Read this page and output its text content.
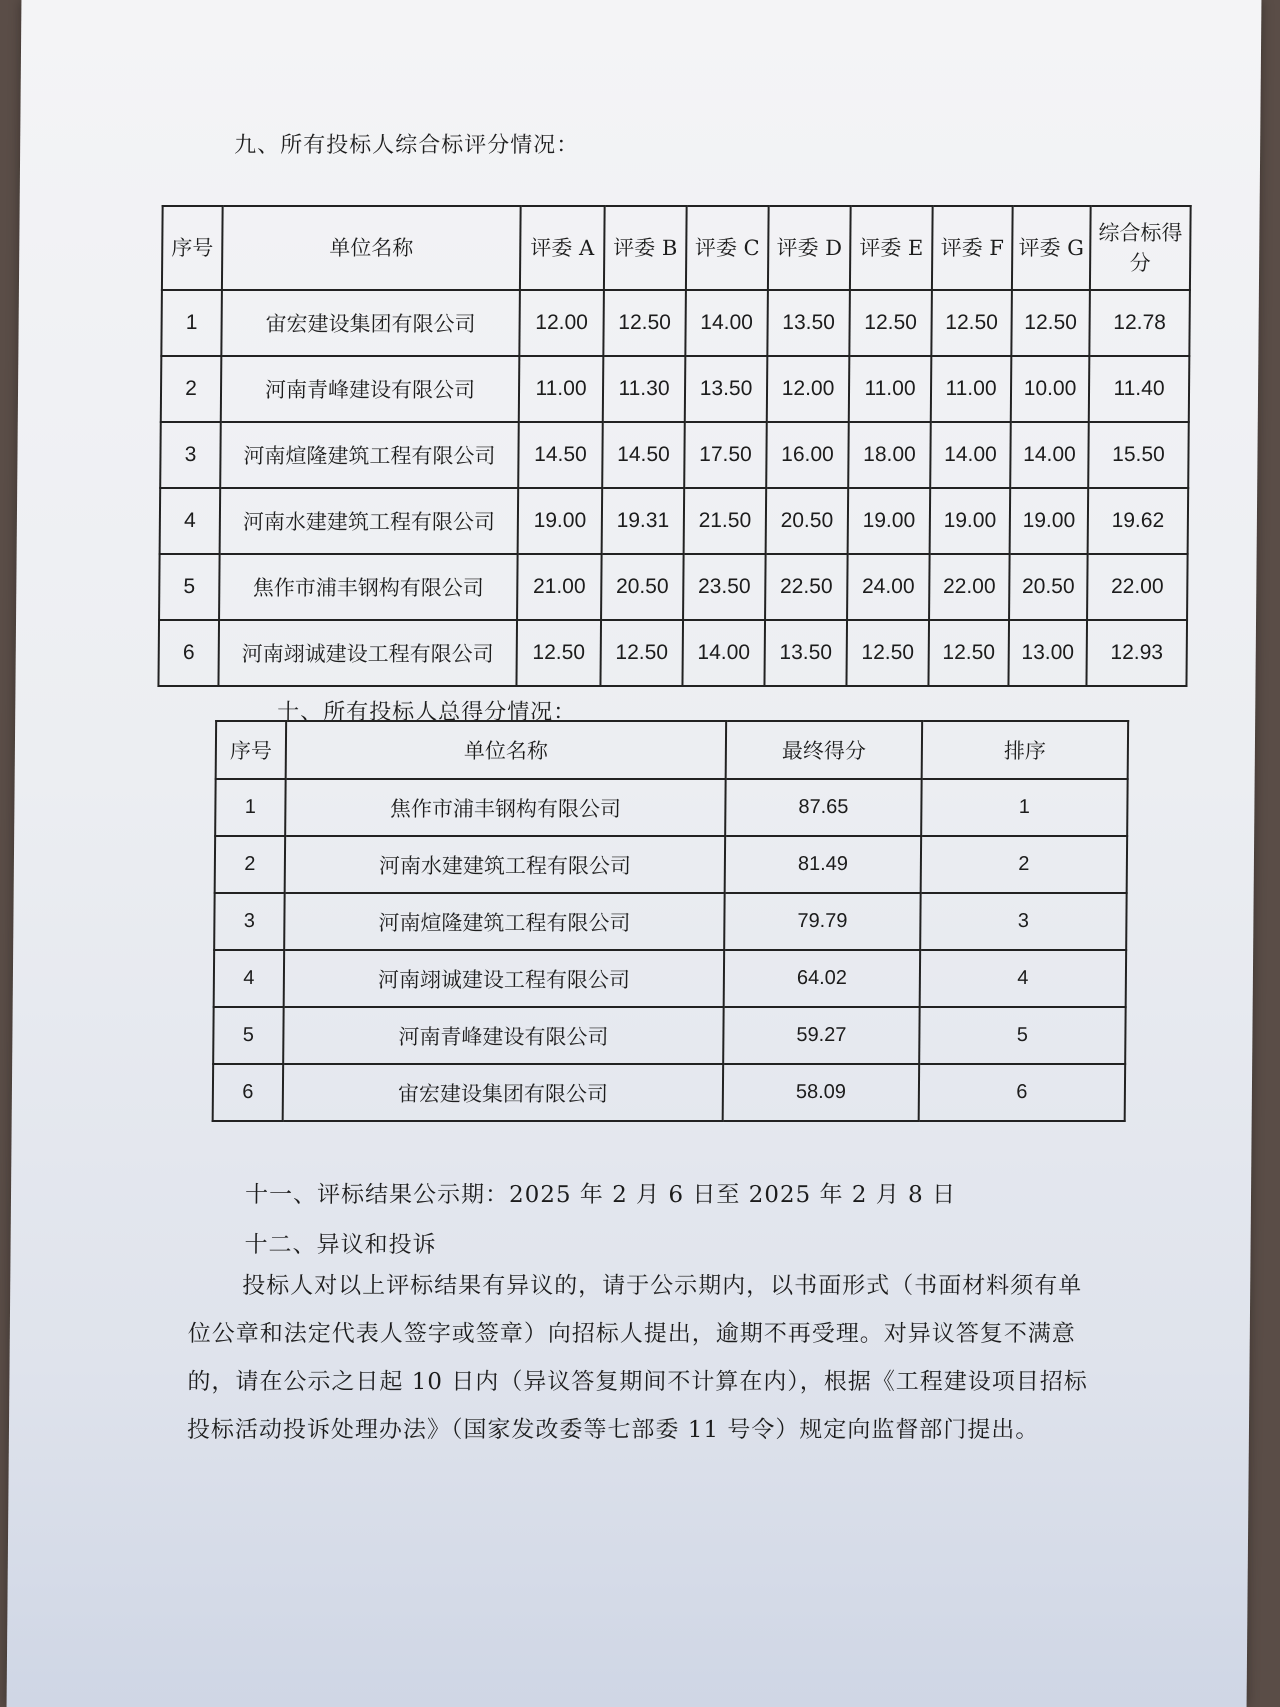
九、所有投标人综合标评分情况：
序号	单位名称	评委 A	评委 B	评委 C	评委 D	评委 E	评委 F	评委 G	综合标得分
1	宙宏建设集团有限公司	12.00	12.50	14.00	13.50	12.50	12.50	12.50	12.78
2	河南青峰建设有限公司	11.00	11.30	13.50	12.00	11.00	11.00	10.00	11.40
3	河南煊隆建筑工程有限公司	14.50	14.50	17.50	16.00	18.00	14.00	14.00	15.50
4	河南水建建筑工程有限公司	19.00	19.31	21.50	20.50	19.00	19.00	19.00	19.62
5	焦作市浦丰钢构有限公司	21.00	20.50	23.50	22.50	24.00	22.00	20.50	22.00
6	河南翊诚建设工程有限公司	12.50	12.50	14.00	13.50	12.50	12.50	13.00	12.93
十、所有投标人总得分情况：
序号	单位名称	最终得分	排序
1	焦作市浦丰钢构有限公司	87.65	1
2	河南水建建筑工程有限公司	81.49	2
3	河南煊隆建筑工程有限公司	79.79	3
4	河南翊诚建设工程有限公司	64.02	4
5	河南青峰建设有限公司	59.27	5
6	宙宏建设集团有限公司	58.09	6
十一、评标结果公示期：2025 年 2 月 6 日至 2025 年 2 月 8 日
十二、异议和投诉
投标人对以上评标结果有异议的，请于公示期内，以书面形式（书面材料须有单位公章和法定代表人签字或签章）向招标人提出，逾期不再受理。对异议答复不满意的，请在公示之日起 10 日内（异议答复期间不计算在内），根据《工程建设项目招标投标活动投诉处理办法》（国家发改委等七部委 11 号令）规定向监督部门提出。
